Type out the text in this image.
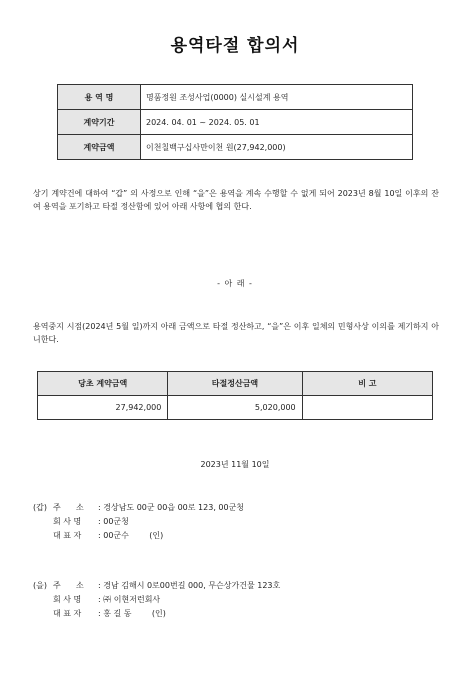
용역타절 합의서
용 역 명	명품정원 조성사업(0000) 실시설계 용역
계약기간	2024. 04. 01 ~ 2024. 05. 01
계약금액	이천칠백구십사만이천 원(27,942,000)

상기 계약건에 대하여 “갑” 의 사정으로 인해 “을”은 용역을 계속 수행할 수 없게 되어 2023년 8월 10일 이후의 잔여 용역을 포기하고 타절 정산함에 있어 아래 사항에 협의 한다.

- 아 래 -

용역중지 시점(2024년 5월 일)까지 아래 금액으로 타절 정산하고, “을”은 이후 일체의 민형사상 이의를 제기하지 아니한다.

당초 계약금액	타절정산금액	비 고
27,942,000	5,020,000	
2023년 11월 10일
(갑) 주      소	: 경상남도 00군 00읍 00로 123, 00군청
회 사 명	: 00군청
대 표 자	: 00군수        (인)
(을) 주      소	: 경남 김해시 0로00번길 000, 무슨상가건물 123호
회 사 명	: ㈜ 이현저런회사
대 표 자	: 홍 길 동        (인)
